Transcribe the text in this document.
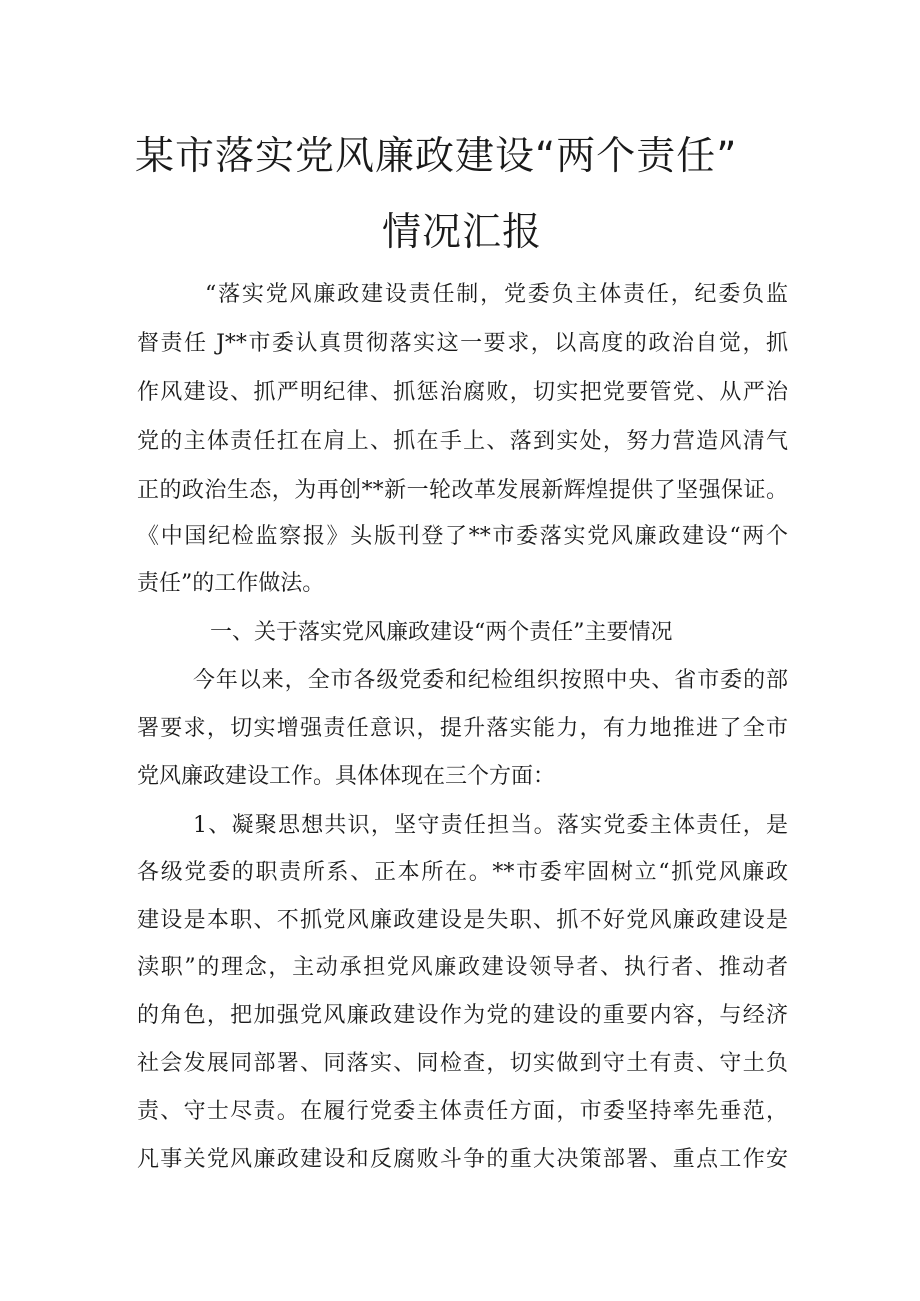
某市落实党风廉政建设“两个责任”
情况汇报
“落实党风廉政建设责任制，党委负主体责任，纪委负监
督责任 J**市委认真贯彻落实这一要求，以高度的政治自觉，抓
作风建设、抓严明纪律、抓惩治腐败，切实把党要管党、从严治
党的主体责任扛在肩上、抓在手上、落到实处，努力营造风清气
正的政治生态，为再创**新一轮改革发展新辉煌提供了坚强保证。
《中国纪检监察报》头版刊登了**市委落实党风廉政建设“两个
责任”的工作做法。
一、关于落实党风廉政建设“两个责任”主要情况
今年以来，全市各级党委和纪检组织按照中央、省市委的部
署要求，切实增强责任意识，提升落实能力，有力地推进了全市
党风廉政建设工作。具体体现在三个方面：
1、凝聚思想共识，坚守责任担当。落实党委主体责任，是
各级党委的职责所系、正本所在。**市委牢固树立“抓党风廉政
建设是本职、不抓党风廉政建设是失职、抓不好党风廉政建设是
渎职”的理念，主动承担党风廉政建设领导者、执行者、推动者
的角色，把加强党风廉政建设作为党的建设的重要内容，与经济
社会发展同部署、同落实、同检查，切实做到守土有责、守土负
责、守士尽责。在履行党委主体责任方面，市委坚持率先垂范，
凡事关党风廉政建设和反腐败斗争的重大决策部署、重点工作安
